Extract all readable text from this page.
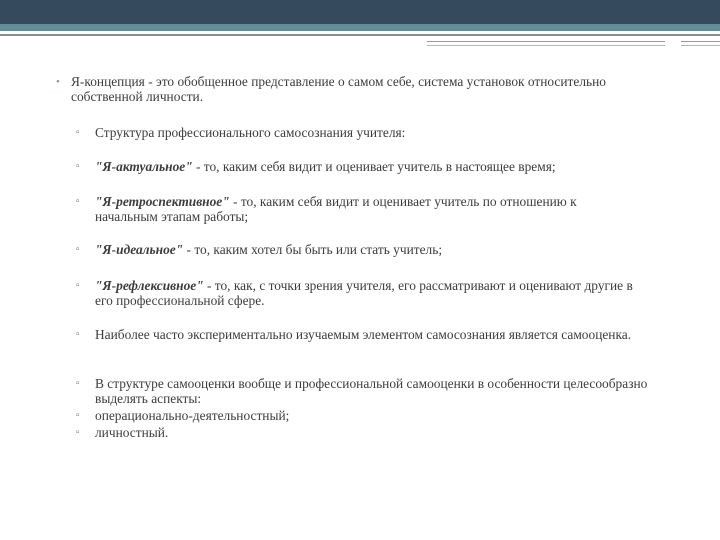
• Я-концепция - это обобщенное представление о самом себе, система установок относительно собственной личности.
▫ Структура профессионального самосознания учителя:
▫ "Я-актуальное" - то, каким себя видит и оценивает учитель в настоящее время;
▫ "Я-ретроспективное" - то, каким себя видит и оценивает учитель по отношению к начальным этапам работы;
▫ "Я-идеальное" - то, каким хотел бы быть или стать учитель;
▫ "Я-рефлексивное" - то, как, с точки зрения учителя, его рассматривают и оценивают другие в его профессиональной сфере.
▫ Наиболее часто экспериментально изучаемым элементом самосознания является самооценка.
▫ В структуре самооценки вообще и профессиональной самооценки в особенности целесообразно выделять аспекты:
▫ операционально-деятельностный;
▫ личностный.
